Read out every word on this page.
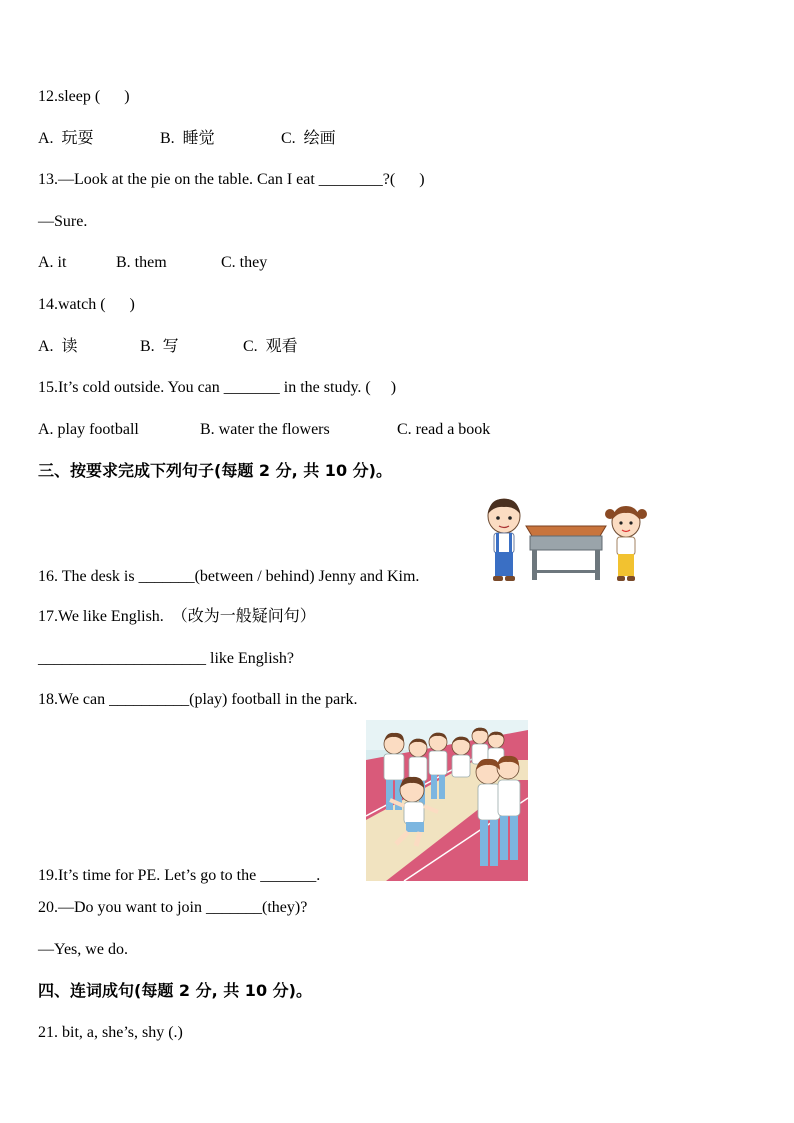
12.sleep (      )
A.  玩耍	B.  睡觉	C.  绘画
13.—Look at the pie on the table. Can I eat ________?(      )
—Sure.
A. it	B. them	C. they
14.watch (      )
A.  读	B.  写	C.  观看
15.It’s cold outside. You can _______ in the study. (     )
A. play football	B. water the flowers	C. read a book
三、按要求完成下列句子(每题 2 分, 共 10 分)。
16. The desk is _______(between / behind) Jenny and Kim.
17.We like English.  （改为一般疑问句）
_____________________ like English?
18.We can __________(play) football in the park.
19.It’s time for PE. Let’s go to the _______.
20.—Do you want to join _______(they)?
—Yes, we do.
四、连词成句(每题 2 分, 共 10 分)。
21. bit, a, she’s, shy (.)
